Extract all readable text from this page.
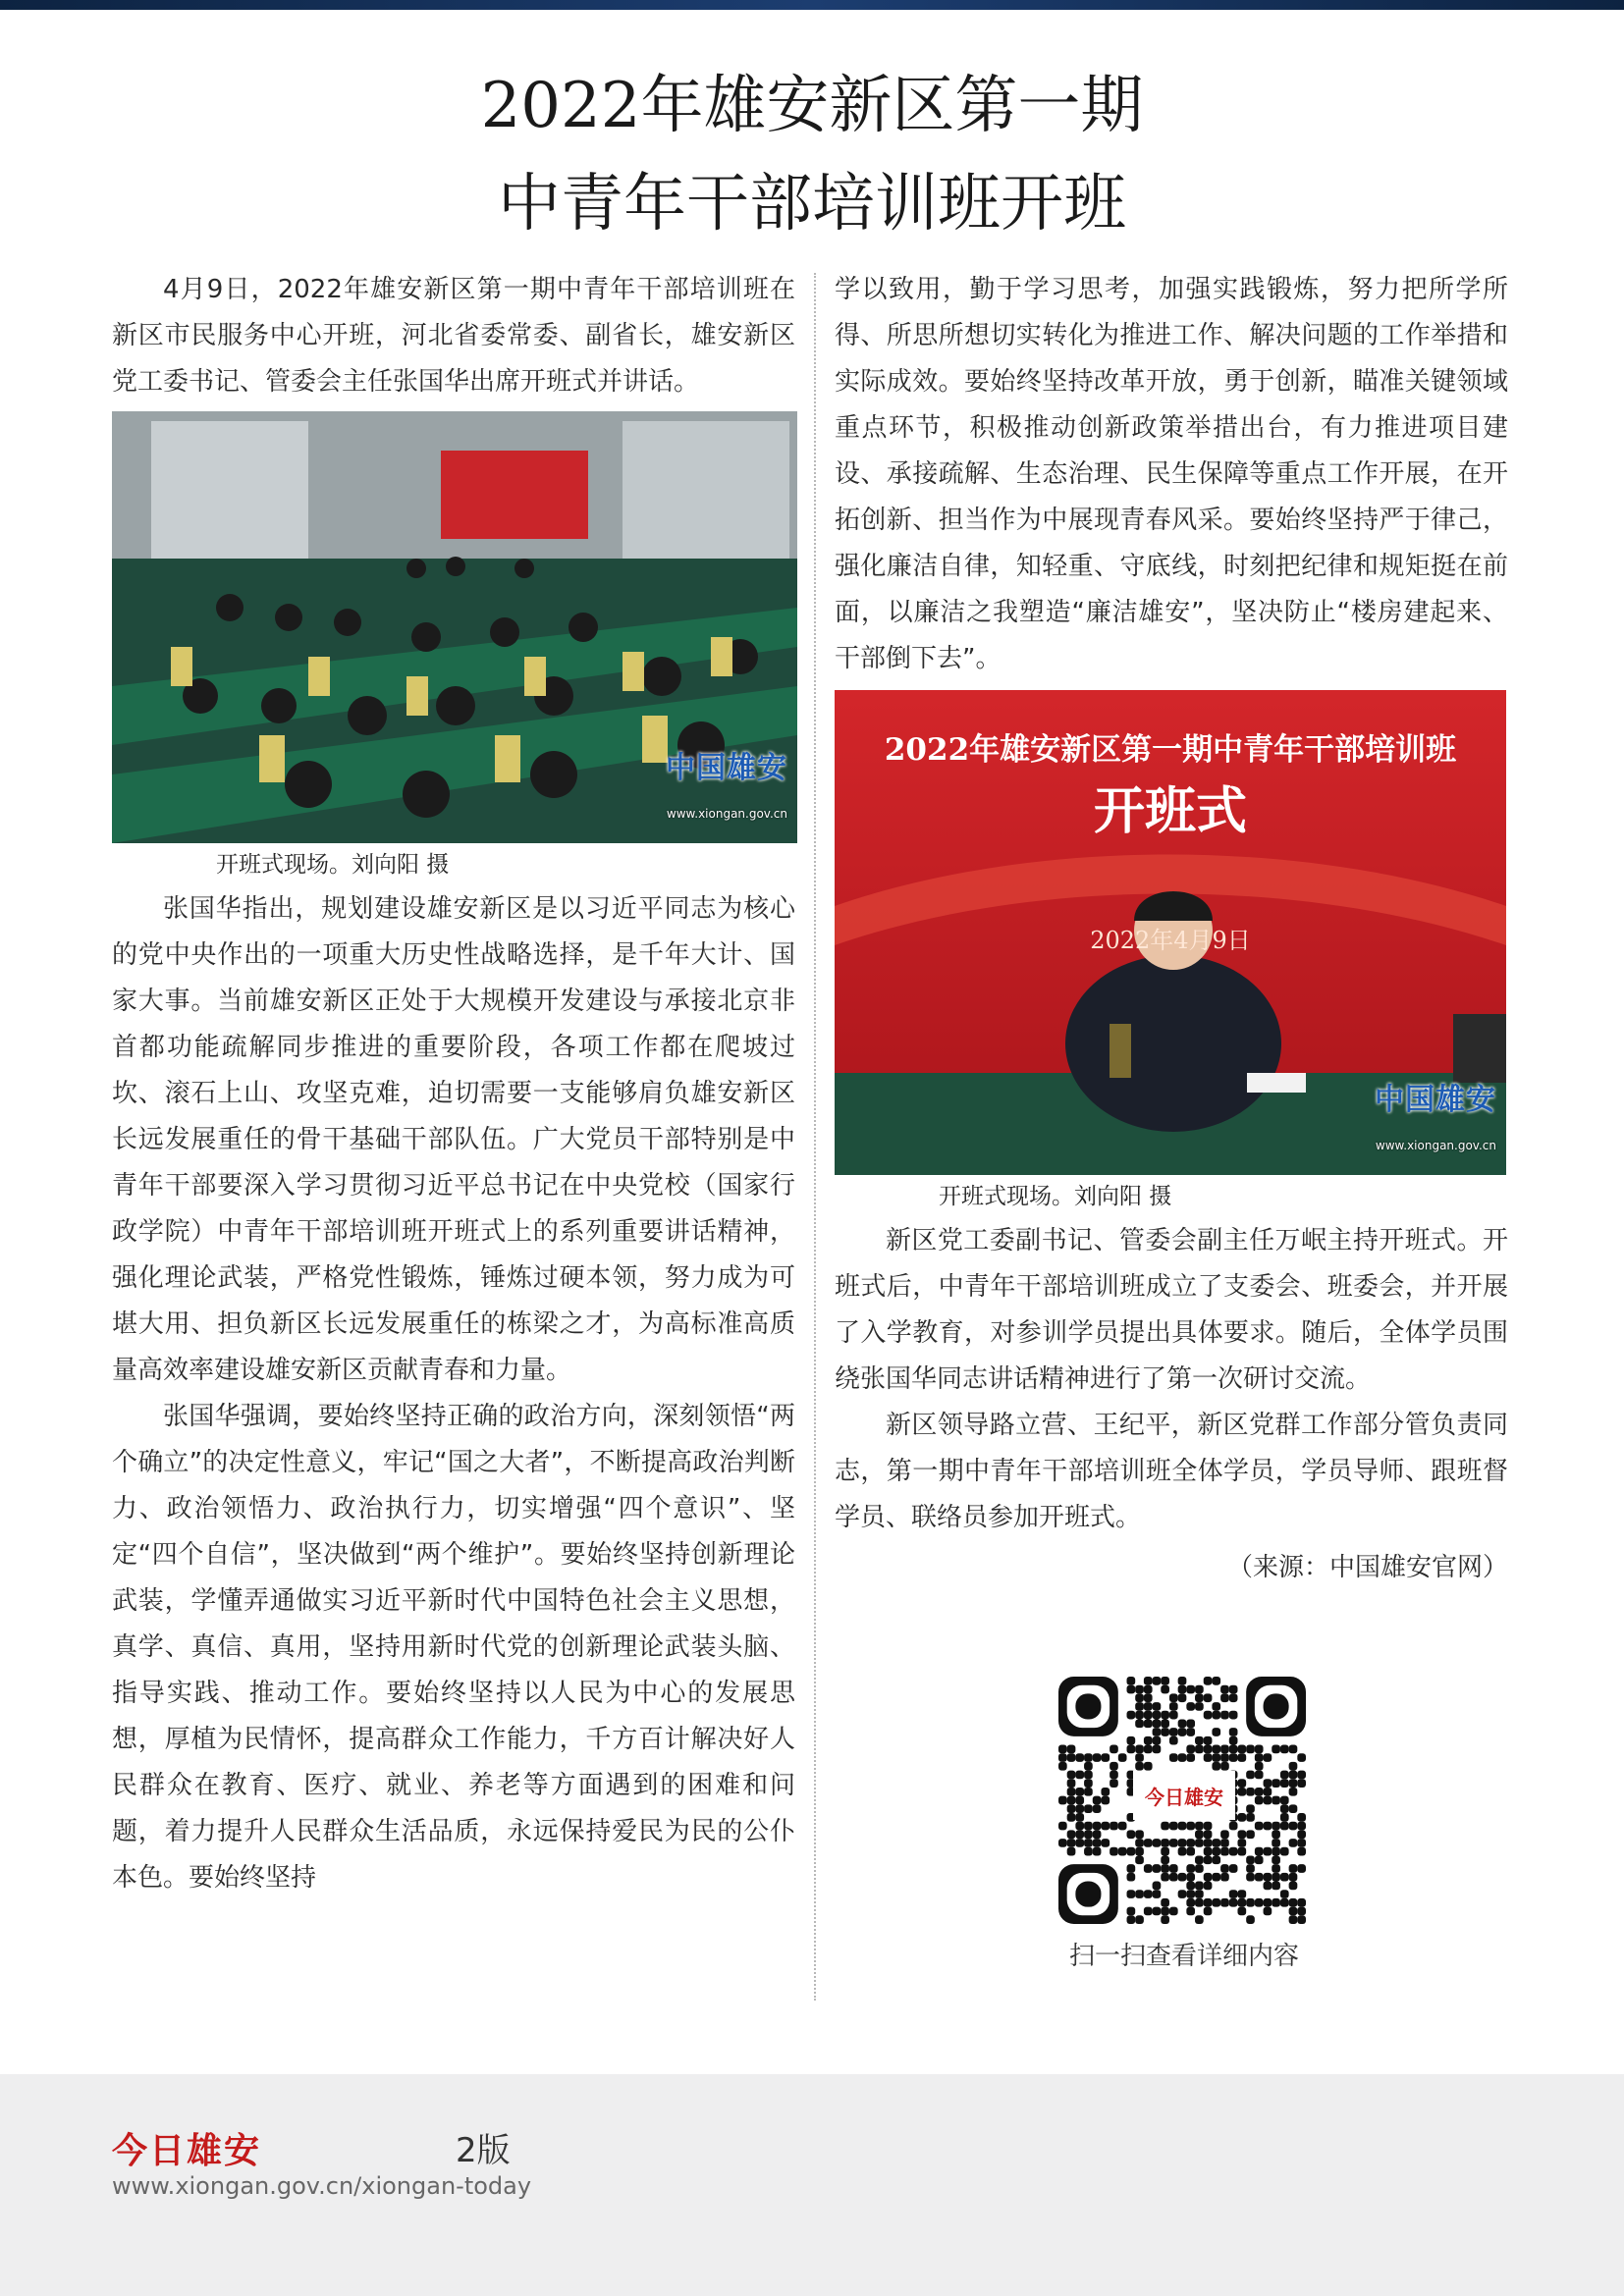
2022年雄安新区第一期
中青年干部培训班开班

4月9日，2022年雄安新区第一期中青年干部培训班在新区市民服务中心开班，河北省委常委、副省长，雄安新区党工委书记、管委会主任张国华出席开班式并讲话。

中国雄安
www.xiongan.gov.cn

开班式现场。刘向阳 摄

张国华指出，规划建设雄安新区是以习近平同志为核心的党中央作出的一项重大历史性战略选择，是千年大计、国家大事。当前雄安新区正处于大规模开发建设与承接北京非首都功能疏解同步推进的重要阶段，各项工作都在爬坡过坎、滚石上山、攻坚克难，迫切需要一支能够肩负雄安新区长远发展重任的骨干基础干部队伍。广大党员干部特别是中青年干部要深入学习贯彻习近平总书记在中央党校（国家行政学院）中青年干部培训班开班式上的系列重要讲话精神，强化理论武装，严格党性锻炼，锤炼过硬本领，努力成为可堪大用、担负新区长远发展重任的栋梁之才，为高标准高质量高效率建设雄安新区贡献青春和力量。

张国华强调，要始终坚持正确的政治方向，深刻领悟“两个确立”的决定性意义，牢记“国之大者”，不断提高政治判断力、政治领悟力、政治执行力，切实增强“四个意识”、坚定“四个自信”，坚决做到“两个维护”。要始终坚持创新理论武装，学懂弄通做实习近平新时代中国特色社会主义思想，真学、真信、真用，坚持用新时代党的创新理论武装头脑、指导实践、推动工作。要始终坚持以人民为中心的发展思想，厚植为民情怀，提高群众工作能力，千方百计解决好人民群众在教育、医疗、就业、养老等方面遇到的困难和问题，着力提升人民群众生活品质，永远保持爱民为民的公仆本色。要始终坚持

学以致用，勤于学习思考，加强实践锻炼，努力把所学所得、所思所想切实转化为推进工作、解决问题的工作举措和实际成效。要始终坚持改革开放，勇于创新，瞄准关键领域重点环节，积极推动创新政策举措出台，有力推进项目建设、承接疏解、生态治理、民生保障等重点工作开展，在开拓创新、担当作为中展现青春风采。要始终坚持严于律己，强化廉洁自律，知轻重、守底线，时刻把纪律和规矩挺在前面，以廉洁之我塑造“廉洁雄安”，坚决防止“楼房建起来、干部倒下去”。

2022年雄安新区第一期中青年干部培训班
开班式
2022年4月9日
中国雄安
www.xiongan.gov.cn

开班式现场。刘向阳 摄

新区党工委副书记、管委会副主任万岷主持开班式。开班式后，中青年干部培训班成立了支委会、班委会，并开展了入学教育，对参训学员提出具体要求。随后，全体学员围绕张国华同志讲话精神进行了第一次研讨交流。

新区领导路立营、王纪平，新区党群工作部分管负责同志，第一期中青年干部培训班全体学员，学员导师、跟班督学员、联络员参加开班式。

（来源：中国雄安官网）

今日雄安
扫一扫查看详细内容
今日雄安	2版
www.xiongan.gov.cn/xiongan-today
